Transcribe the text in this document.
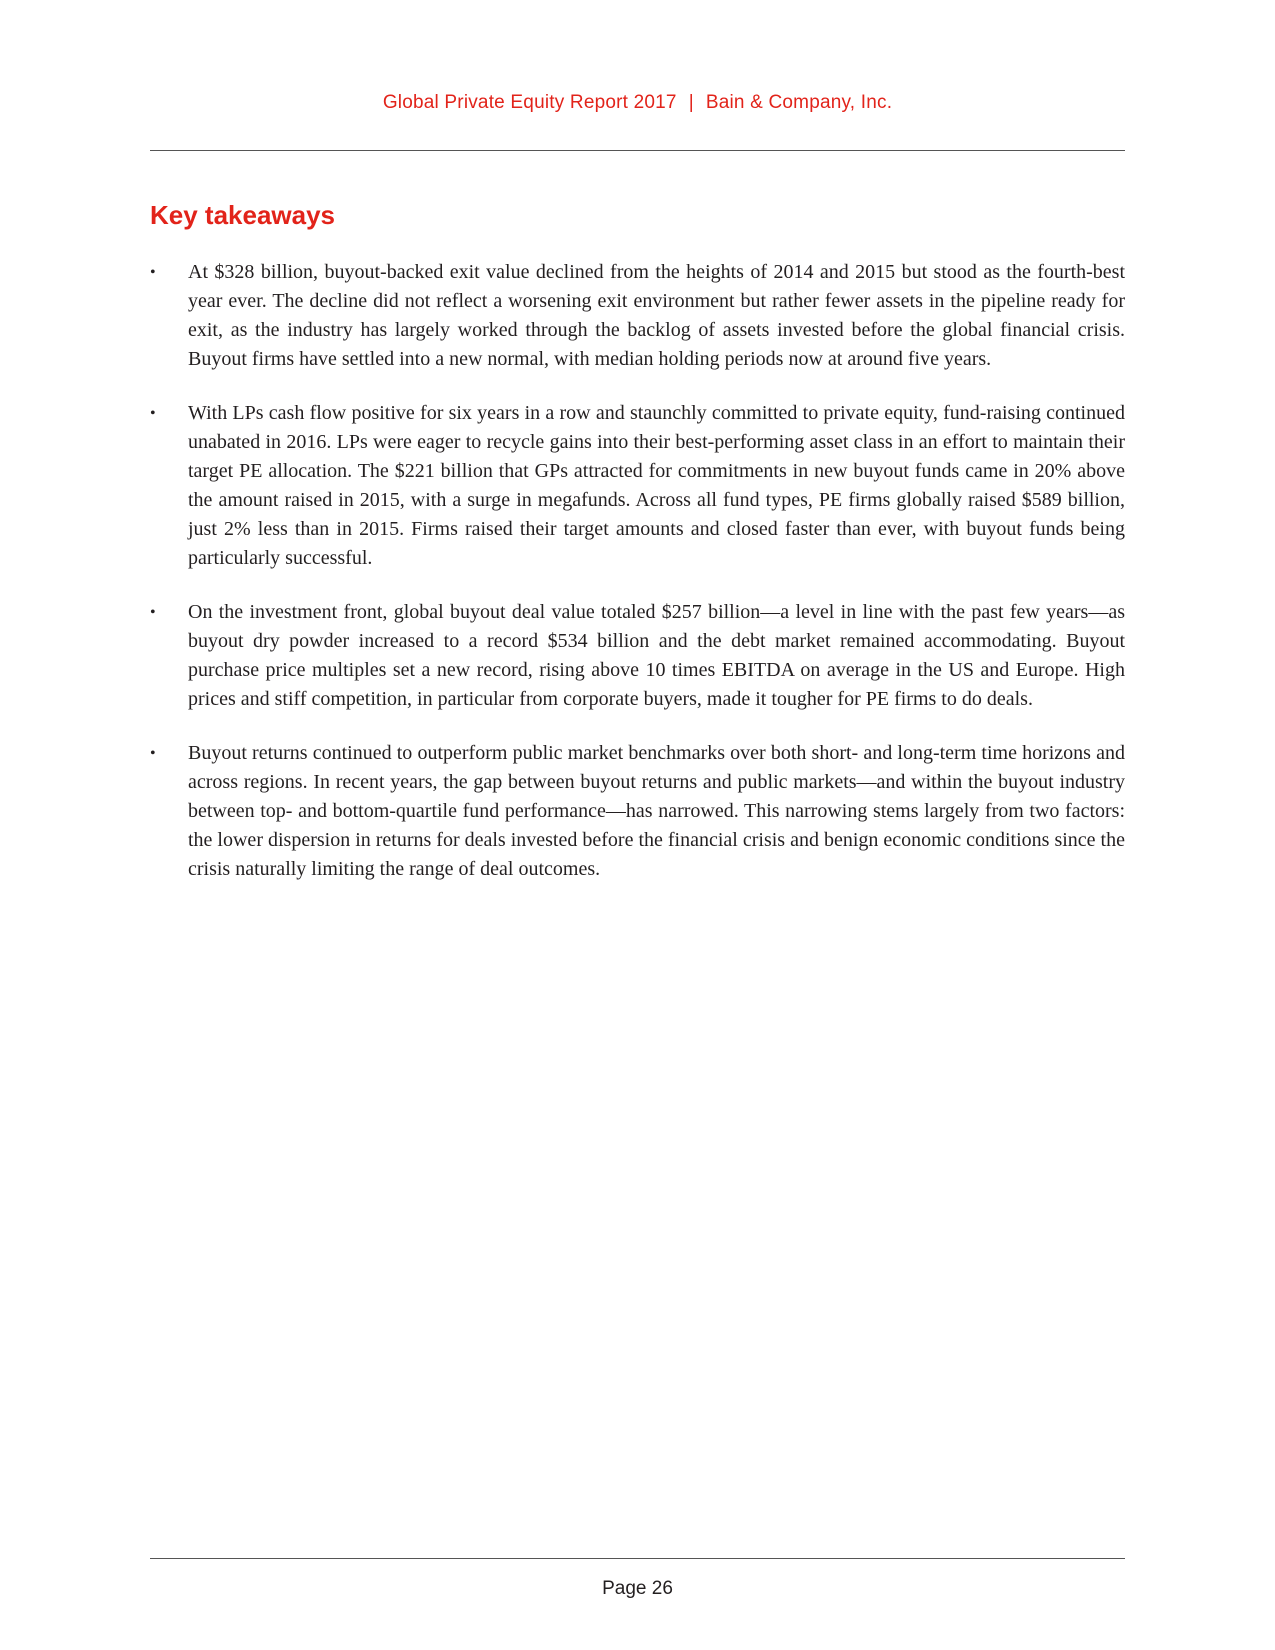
Global Private Equity Report 2017 | Bain & Company, Inc.
Key takeaways
• At $328 billion, buyout-backed exit value declined from the heights of 2014 and 2015 but stood as the fourth-best year ever. The decline did not reflect a worsening exit environment but rather fewer assets in the pipeline ready for exit, as the industry has largely worked through the backlog of assets invested before the global financial crisis. Buyout firms have settled into a new normal, with median holding periods now at around five years.
• With LPs cash flow positive for six years in a row and staunchly committed to private equity, fund-raising continued unabated in 2016. LPs were eager to recycle gains into their best-performing asset class in an effort to maintain their target PE allocation. The $221 billion that GPs attracted for commitments in new buyout funds came in 20% above the amount raised in 2015, with a surge in megafunds. Across all fund types, PE firms globally raised $589 billion, just 2% less than in 2015. Firms raised their target amounts and closed faster than ever, with buyout funds being particularly successful.
• On the investment front, global buyout deal value totaled $257 billion—a level in line with the past few years—as buyout dry powder increased to a record $534 billion and the debt market remained accommodating. Buyout purchase price multiples set a new record, rising above 10 times EBITDA on average in the US and Europe. High prices and stiff competition, in particular from corporate buyers, made it tougher for PE firms to do deals.
• Buyout returns continued to outperform public market benchmarks over both short- and long-term time horizons and across regions. In recent years, the gap between buyout returns and public markets—and within the buyout industry between top- and bottom-quartile fund performance—has narrowed. This narrowing stems largely from two factors: the lower dispersion in returns for deals invested before the financial crisis and benign economic conditions since the crisis naturally limiting the range of deal outcomes.
Page 26
